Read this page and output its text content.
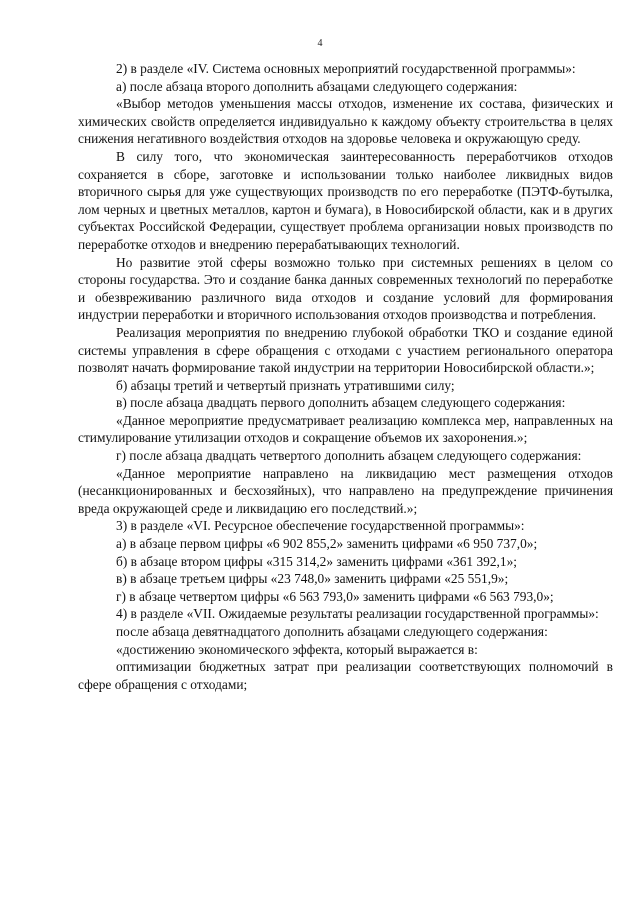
4

2) в разделе «IV. Система основных мероприятий государственной программы»:

а) после абзаца второго дополнить абзацами следующего содержания:

«Выбор методов уменьшения массы отходов, изменение их состава, физических и химических свойств определяется индивидуально к каждому объекту строительства в целях снижения негативного воздействия отходов на здоровье человека и окружающую среду.

В силу того, что экономическая заинтересованность переработчиков отходов сохраняется в сборе, заготовке и использовании только наиболее ликвидных видов вторичного сырья для уже существующих производств по его переработке (ПЭТФ-бутылка, лом черных и цветных металлов, картон и бумага), в Новосибирской области, как и в других субъектах Российской Федерации, существует проблема организации новых производств по переработке отходов и внедрению перерабатывающих технологий.

Но развитие этой сферы возможно только при системных решениях в целом со стороны государства. Это и создание банка данных современных технологий по переработке и обезвреживанию различного вида отходов и создание условий для формирования индустрии переработки и вторичного использования отходов производства и потребления.

Реализация мероприятия по внедрению глубокой обработки ТКО и создание единой системы управления в сфере обращения с отходами с участием регионального оператора позволят начать формирование такой индустрии на территории Новосибирской области.»;

б) абзацы третий и четвертый признать утратившими силу;

в) после абзаца двадцать первого дополнить абзацем следующего содержания:

«Данное мероприятие предусматривает реализацию комплекса мер, направленных на стимулирование утилизации отходов и сокращение объемов их захоронения.»;

г) после абзаца двадцать четвертого дополнить абзацем следующего содержания:

«Данное мероприятие направлено на ликвидацию мест размещения отходов (несанкционированных и бесхозяйных), что направлено на предупреждение причинения вреда окружающей среде и ликвидацию его последствий.»;

3) в разделе «VI. Ресурсное обеспечение государственной программы»:

а) в абзаце первом цифры «6 902 855,2» заменить цифрами «6 950 737,0»;

б) в абзаце втором цифры «315 314,2» заменить цифрами «361 392,1»;

в) в абзаце третьем цифры «23 748,0» заменить цифрами «25 551,9»;

г) в абзаце четвертом цифры «6 563 793,0» заменить цифрами «6 563 793,0»;

4) в разделе «VII. Ожидаемые результаты реализации государственной программы»:

после абзаца девятнадцатого дополнить абзацами следующего содержания:

«достижению экономического эффекта, который выражается в:

оптимизации бюджетных затрат при реализации соответствующих полномочий в сфере обращения с отходами;
